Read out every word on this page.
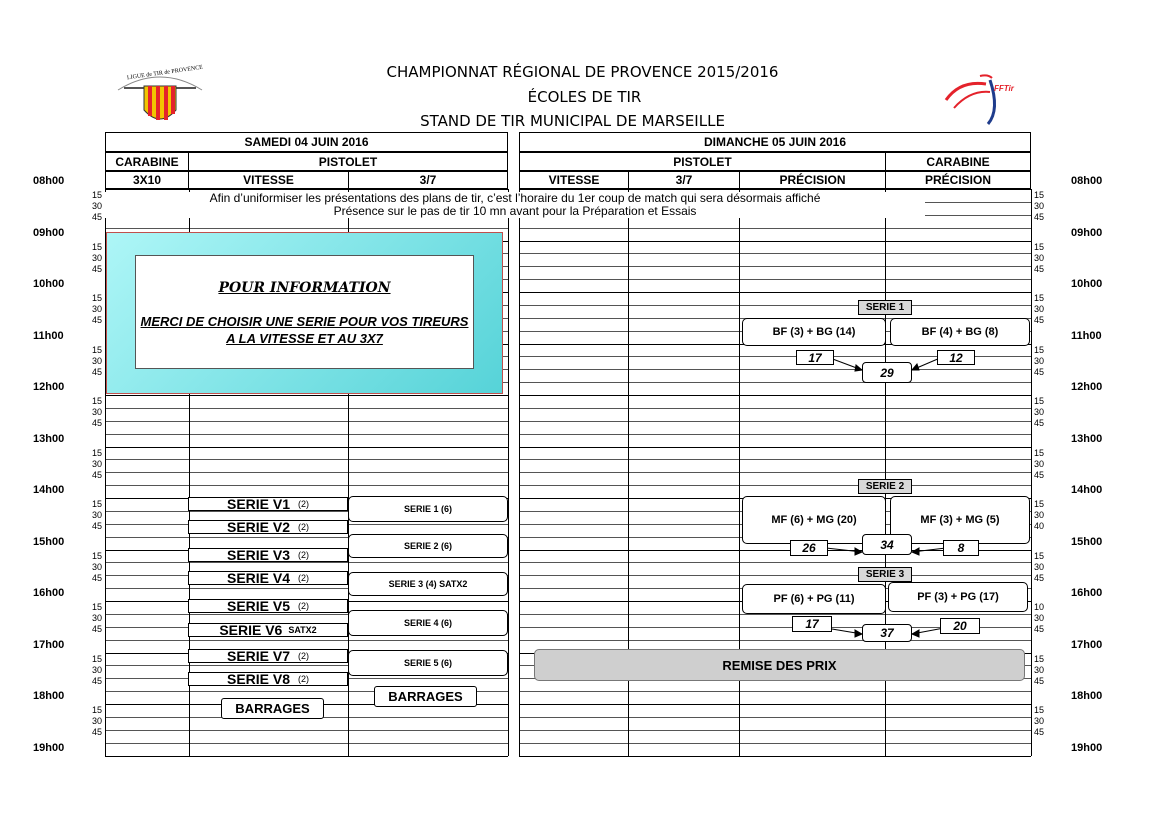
CHAMPIONNAT RÉGIONAL DE PROVENCE 2015/2016
ÉCOLES DE TIR
STAND DE TIR MUNICIPAL DE MARSEILLE
LIGUE de TIR de PROVENCE
FFTir
SAMEDI 04 JUIN 2016
CARABINE	PISTOLET
3X10	VITESSE	3/7
DIMANCHE 05 JUIN 2016
PISTOLET	CARABINE
VITESSE	3/7	PRÉCISION	PRÉCISION
08h00	08h00
15	15
30	30
45	45
09h00	09h00
15	15
30	30
45	45
10h00	10h00
15	15
30	30
45	45
11h00	11h00
15	15
30	30
45	45
12h00	12h00
15	15
30	30
45	45
13h00	13h00
15	15
30	30
45	45
14h00	14h00
15	15
30	30
45	40
15h00	15h00
15	15
30	30
45	45
16h00	16h00
15	10
30	30
45	45
17h00	17h00
15	15
30	30
45	45
18h00	18h00
15	15
30	30
45	45
19h00	19h00
Afin d’uniformiser les présentations des plans de tir, c’est l’horaire du 1er coup de match qui sera désormais affiché
Présence sur le pas de tir 10 mn avant pour la Préparation et Essais
POUR INFORMATION
MERCI DE CHOISIR UNE SERIE POUR VOS TIREURS
A LA VITESSE ET AU 3X7
SERIE V1 (2)
SERIE V2 (2)
SERIE V3 (2)
SERIE V4 (2)
SERIE V5 (2)
SERIE V6 SATX2
SERIE V7 (2)
SERIE V8 (2)
BARRAGES
BARRAGES
SERIE 1 (6)
SERIE 2 (6)
SERIE 3 (4) SATX2
SERIE 4 (6)
SERIE 5 (6)
SERIE 1
BF (3) + BG (14)	BF (4) + BG (8)
17	12
29
SERIE 2
MF (6) + MG (20)	MF (3) + MG (5)
26	8
34
SERIE 3
PF (6) + PG (11)	PF (3) + PG (17)
17	20
37
REMISE DES PRIX
